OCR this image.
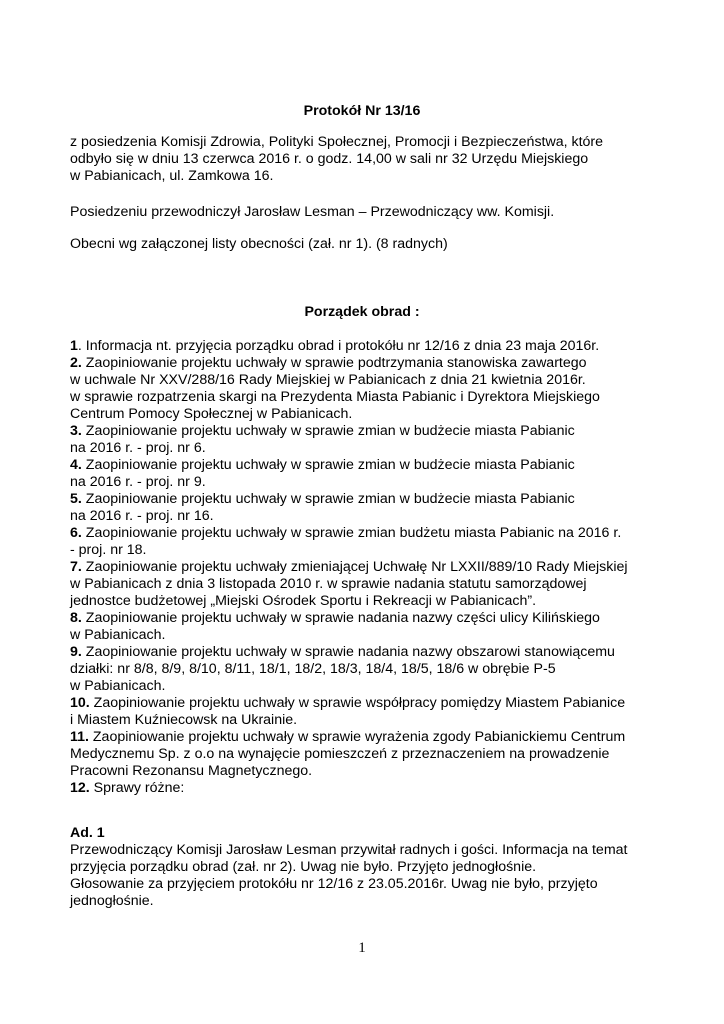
Protokół Nr 13/16
z posiedzenia Komisji Zdrowia, Polityki Społecznej, Promocji i Bezpieczeństwa, które
odbyło się w dniu 13 czerwca 2016 r. o godz. 14,00 w sali nr 32 Urzędu Miejskiego
w Pabianicach, ul. Zamkowa 16.
Posiedzeniu przewodniczył Jarosław Lesman – Przewodniczący ww. Komisji.
Obecni wg załączonej listy obecności (zał. nr 1). (8 radnych)
Porządek obrad :
1. Informacja nt. przyjęcia porządku obrad i protokółu nr 12/16 z dnia 23 maja 2016r.
2. Zaopiniowanie projektu uchwały w sprawie podtrzymania stanowiska zawartego
w uchwale Nr XXV/288/16 Rady Miejskiej w Pabianicach z dnia 21 kwietnia 2016r.
w sprawie rozpatrzenia skargi na Prezydenta Miasta Pabianic i Dyrektora Miejskiego
Centrum Pomocy Społecznej w Pabianicach.
3. Zaopiniowanie projektu uchwały w sprawie zmian w budżecie miasta Pabianic
na 2016 r. - proj. nr 6.
4. Zaopiniowanie projektu uchwały w sprawie zmian w budżecie miasta Pabianic
na 2016 r. - proj. nr 9.
5. Zaopiniowanie projektu uchwały w sprawie zmian w budżecie miasta Pabianic
na 2016 r. - proj. nr 16.
6. Zaopiniowanie projektu uchwały w sprawie zmian budżetu miasta Pabianic na 2016 r.
- proj. nr 18.
7. Zaopiniowanie projektu uchwały zmieniającej Uchwałę Nr LXXII/889/10 Rady Miejskiej
w Pabianicach z dnia 3 listopada 2010 r. w sprawie nadania statutu samorządowej
jednostce budżetowej „Miejski Ośrodek Sportu i Rekreacji w Pabianicach”.
8. Zaopiniowanie projektu uchwały w sprawie nadania nazwy części ulicy Kilińskiego
w Pabianicach.
9. Zaopiniowanie projektu uchwały w sprawie nadania nazwy obszarowi stanowiącemu
działki: nr 8/8, 8/9, 8/10, 8/11, 18/1, 18/2, 18/3, 18/4, 18/5, 18/6 w obrębie P-5
w Pabianicach.
10. Zaopiniowanie projektu uchwały w sprawie współpracy pomiędzy Miastem Pabianice
i Miastem Kuźniecowsk na Ukrainie.
11. Zaopiniowanie projektu uchwały w sprawie wyrażenia zgody Pabianickiemu Centrum
Medycznemu Sp. z o.o na wynajęcie pomieszczeń z przeznaczeniem na prowadzenie
Pracowni Rezonansu Magnetycznego.
12. Sprawy różne:
Ad. 1
Przewodniczący Komisji Jarosław Lesman przywitał radnych i gości. Informacja na temat
przyjęcia porządku obrad (zał. nr 2). Uwag nie było. Przyjęto jednogłośnie.
Głosowanie za przyjęciem protokółu nr 12/16 z 23.05.2016r. Uwag nie było, przyjęto
jednogłośnie.
1
